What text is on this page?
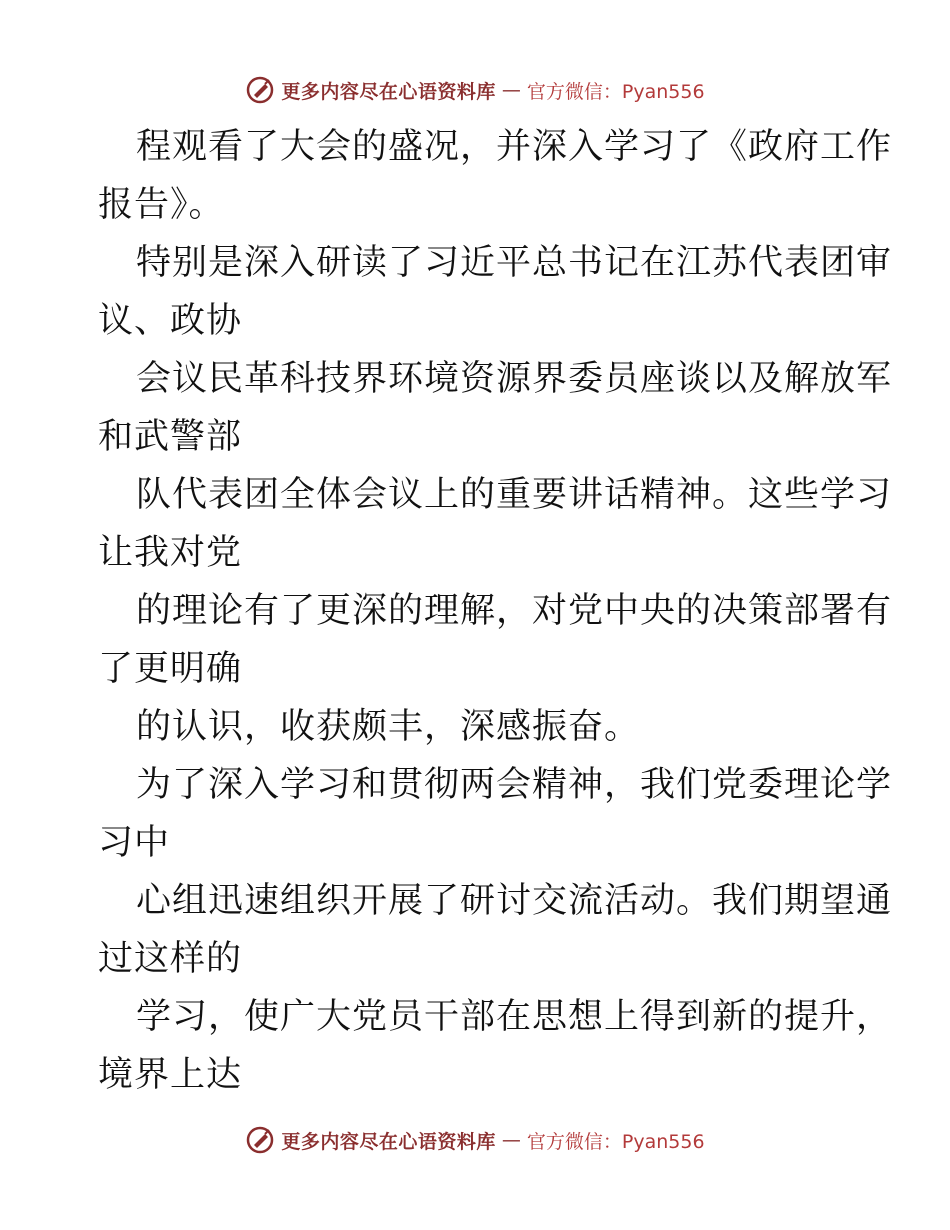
更多内容尽在心语资料库 — 官方微信：Pyan556
程观看了大会的盛况，并深入学习了《政府工作
报告》。
特别是深入研读了习近平总书记在江苏代表团审
议、政协
会议民革科技界环境资源界委员座谈以及解放军
和武警部
队代表团全体会议上的重要讲话精神。这些学习
让我对党
的理论有了更深的理解，对党中央的决策部署有
了更明确
的认识，收获颇丰，深感振奋。
为了深入学习和贯彻两会精神，我们党委理论学
习中
心组迅速组织开展了研讨交流活动。我们期望通
过这样的
学习，使广大党员干部在思想上得到新的提升，
境界上达
更多内容尽在心语资料库 — 官方微信：Pyan556
